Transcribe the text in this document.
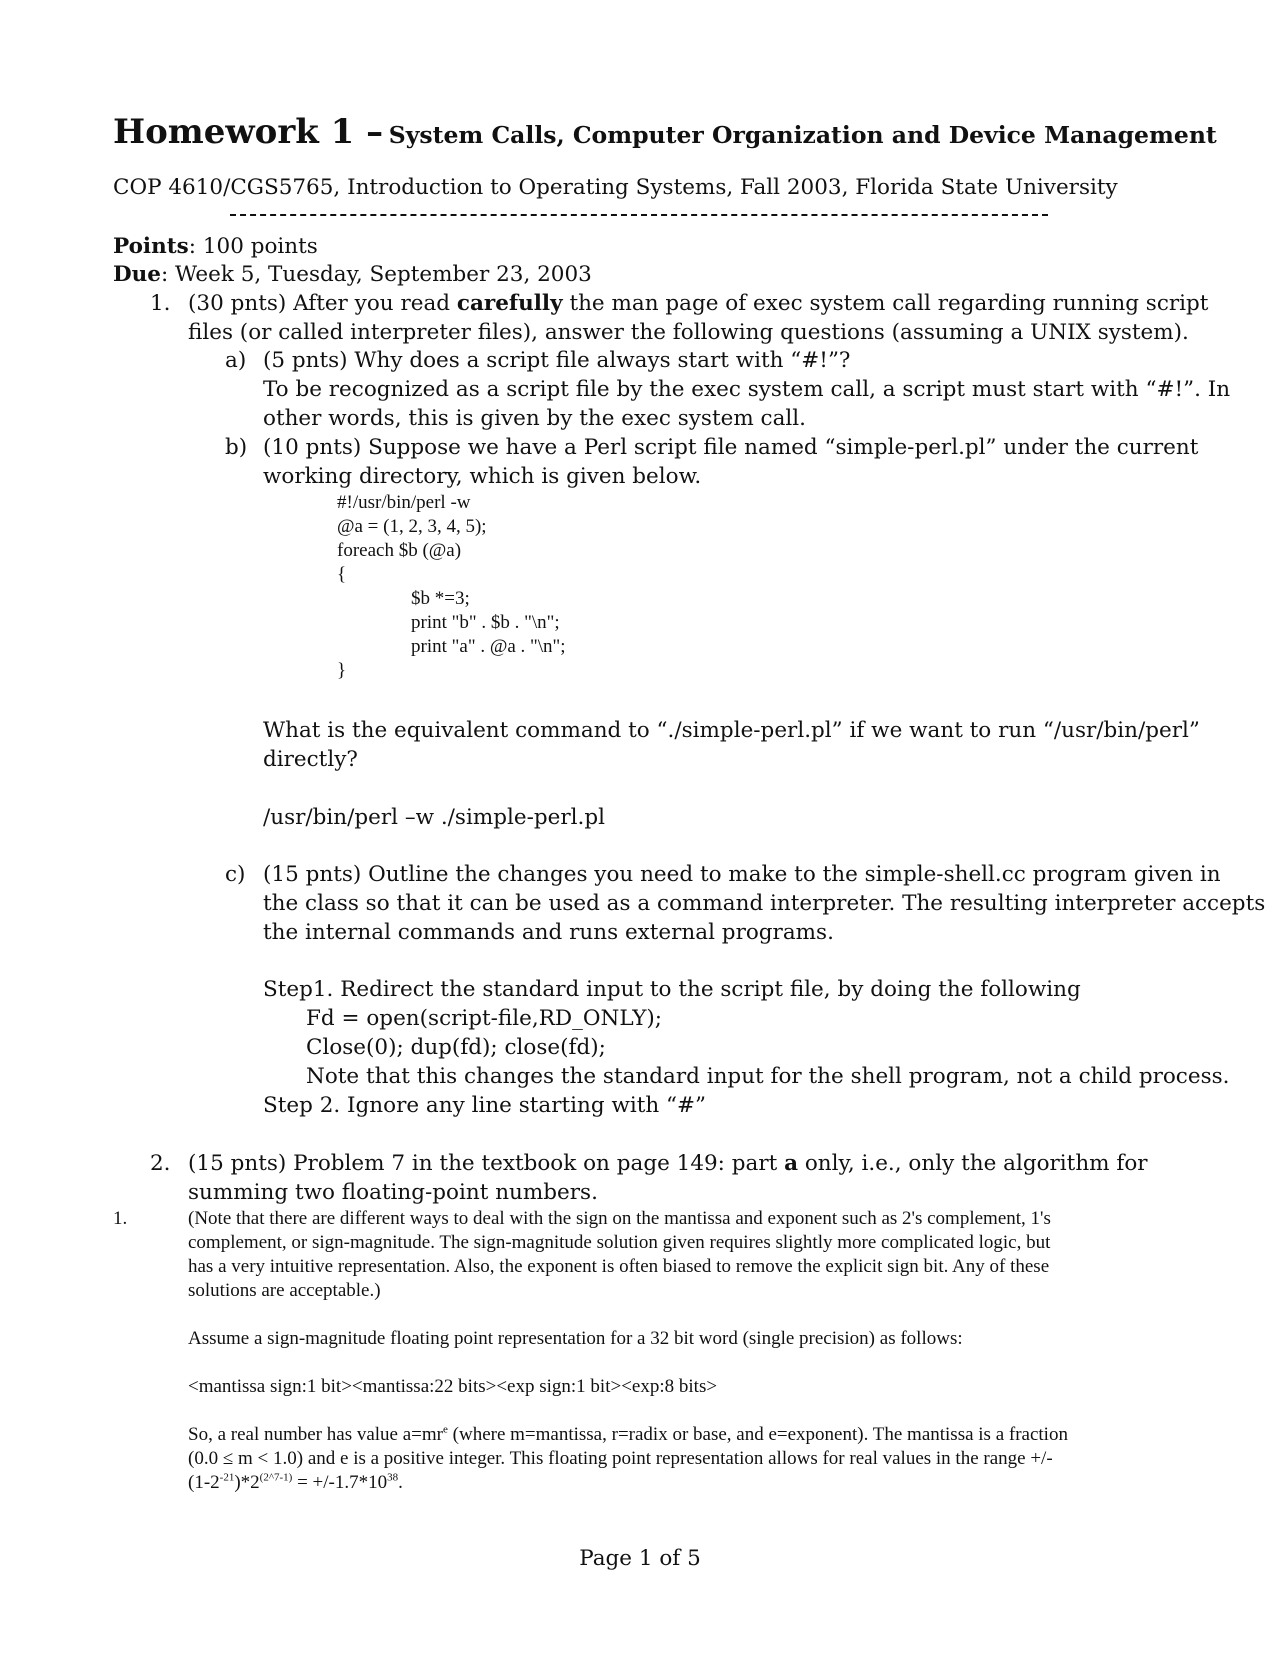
Homework 1 – System Calls, Computer Organization and Device Management
COP 4610/CGS5765, Introduction to Operating Systems, Fall 2003, Florida State University
Points: 100 points
Due: Week 5, Tuesday, September 23, 2003
1. (30 pnts) After you read carefully the man page of exec system call regarding running script
files (or called interpreter files), answer the following questions (assuming a UNIX system).
a) (5 pnts) Why does a script file always start with “#!”?
To be recognized as a script file by the exec system call, a script must start with “#!”. In
other words, this is given by the exec system call.
b) (10 pnts) Suppose we have a Perl script file named “simple-perl.pl” under the current
working directory, which is given below.
#!/usr/bin/perl -w
@a = (1, 2, 3, 4, 5);
foreach $b (@a)
{
$b *=3;
print "b" . $b . "\n";
print "a" . @a . "\n";
}
What is the equivalent command to “./simple-perl.pl” if we want to run “/usr/bin/perl”
directly?
/usr/bin/perl –w ./simple-perl.pl
c) (15 pnts) Outline the changes you need to make to the simple-shell.cc program given in
the class so that it can be used as a command interpreter. The resulting interpreter accepts
the internal commands and runs external programs.
Step1. Redirect the standard input to the script file, by doing the following
Fd = open(script-file,RD_ONLY);
Close(0); dup(fd); close(fd);
Note that this changes the standard input for the shell program, not a child process.
Step 2. Ignore any line starting with “#”
2. (15 pnts) Problem 7 in the textbook on page 149: part a only, i.e., only the algorithm for
summing two floating-point numbers.
1.	(Note that there are different ways to deal with the sign on the mantissa and exponent such as 2's complement, 1's
complement, or sign-magnitude. The sign-magnitude solution given requires slightly more complicated logic, but
has a very intuitive representation. Also, the exponent is often biased to remove the explicit sign bit. Any of these
solutions are acceptable.)
Assume a sign-magnitude floating point representation for a 32 bit word (single precision) as follows:
<mantissa sign:1 bit><mantissa:22 bits><exp sign:1 bit><exp:8 bits>
So, a real number has value $a=mr^e$ (where m=mantissa, r=radix or base, and e=exponent). The mantissa is a fraction
(0.0 ≤ m < 1.0) and e is a positive integer. This floating point representation allows for real values in the range +/-
$(1-2^{-21})*2^{(2\^{}7-1)} = +/-1.7*10^{38}$.
Page 1 of 5
